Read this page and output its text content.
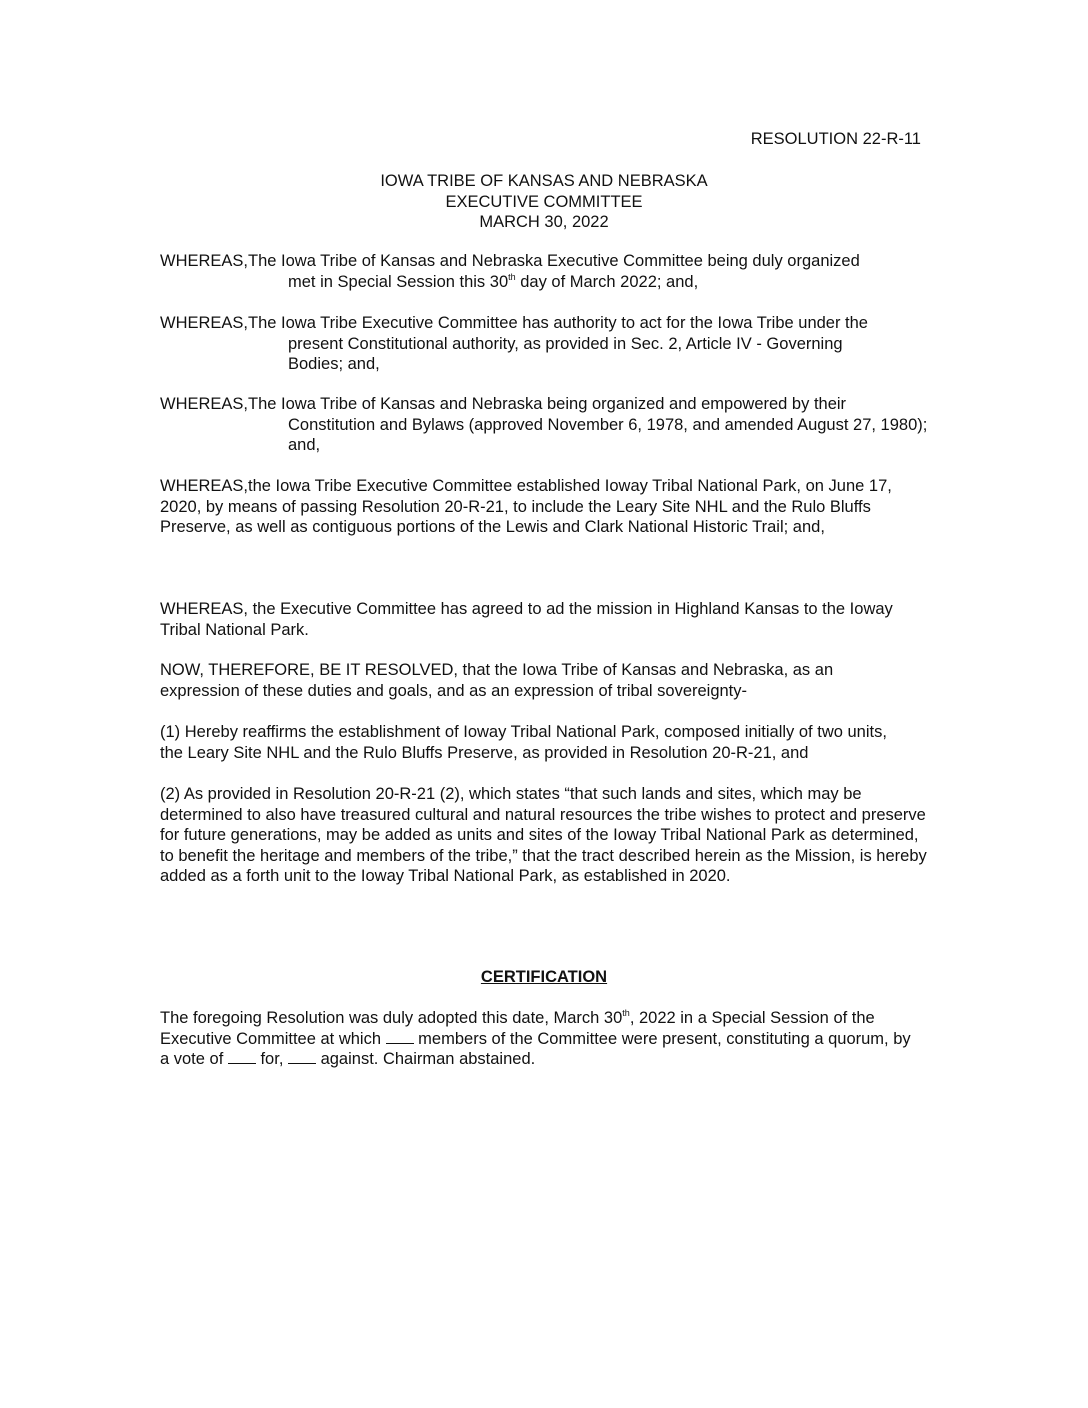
RESOLUTION 22-R-11
IOWA TRIBE OF KANSAS AND NEBRASKA
EXECUTIVE COMMITTEE
MARCH 30, 2022
WHEREAS,The Iowa Tribe of Kansas and Nebraska Executive Committee being duly organized
met in Special Session this 30th day of March 2022; and,
WHEREAS,The Iowa Tribe Executive Committee has authority to act for the Iowa Tribe under the
present Constitutional authority, as provided in Sec. 2, Article IV - Governing Bodies; and,
WHEREAS,The Iowa Tribe of Kansas and Nebraska being organized and empowered by their
Constitution and Bylaws (approved November 6, 1978, and amended August 27, 1980); and,

WHEREAS,the Iowa Tribe Executive Committee established Ioway Tribal National Park, on June 17, 2020, by means of passing Resolution 20-R-21, to include the Leary Site NHL and the Rulo Bluffs Preserve, as well as contiguous portions of the Lewis and Clark National Historic Trail; and,

WHEREAS, the Executive Committee has agreed to ad the mission in Highland Kansas to the Ioway Tribal National Park.

NOW, THEREFORE, BE IT RESOLVED, that the Iowa Tribe of Kansas and Nebraska, as an expression of these duties and goals, and as an expression of tribal sovereignty-

(1) Hereby reaffirms the establishment of Ioway Tribal National Park, composed initially of two units, the Leary Site NHL and the Rulo Bluffs Preserve, as provided in Resolution 20-R-21, and

(2) As provided in Resolution 20-R-21 (2), which states “that such lands and sites, which may be determined to also have treasured cultural and natural resources the tribe wishes to protect and preserve for future generations, may be added as units and sites of the Ioway Tribal National Park as determined, to benefit the heritage and members of the tribe,” that the tract described herein as the Mission, is hereby added as a forth unit to the Ioway Tribal National Park, as established in 2020.

CERTIFICATION

The foregoing Resolution was duly adopted this date, March 30th, 2022 in a Special Session of the Executive Committee at which  members of the Committee were present, constituting a quorum, by a vote of  for,  against. Chairman abstained.
